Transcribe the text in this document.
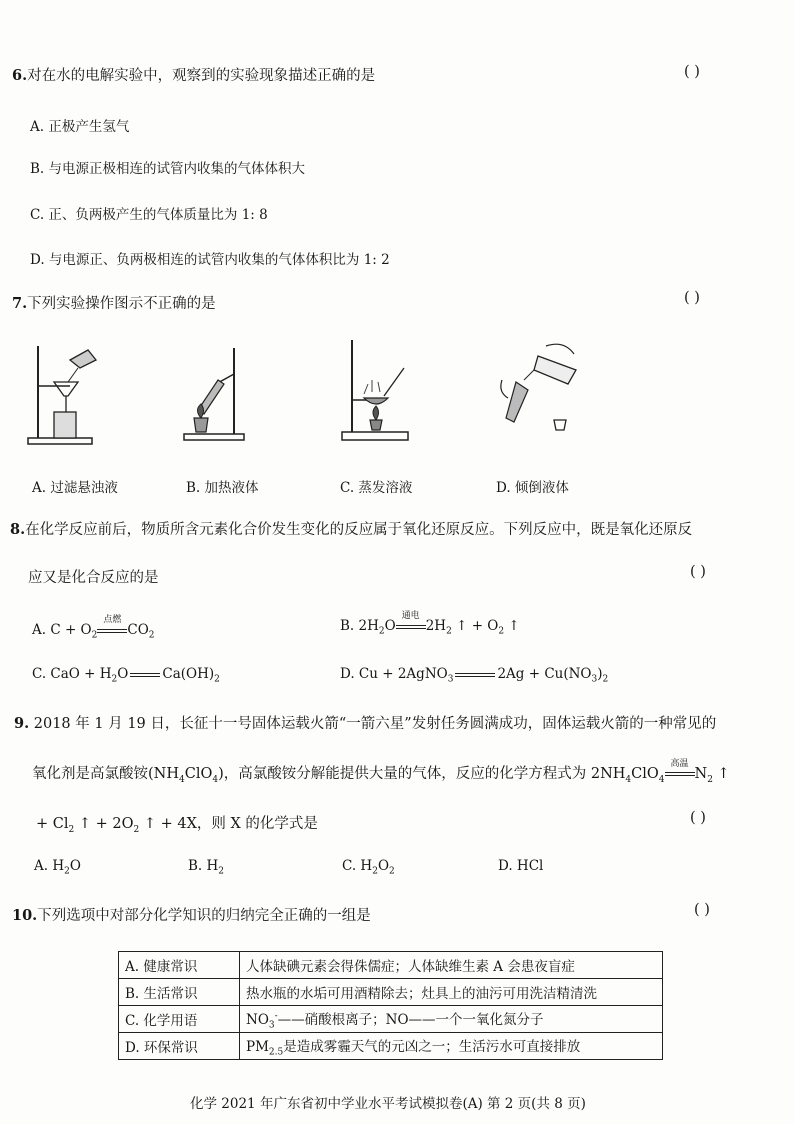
6.对在水的电解实验中，观察到的实验现象描述正确的是	( )
A. 正极产生氢气
B. 与电源正极相连的试管内收集的气体体积大
C. 正、负两极产生的气体质量比为 1: 8
D. 与电源正、负两极相连的试管内收集的气体体积比为 1: 2
7.下列实验操作图示不正确的是	( )
A. 过滤悬浊液	B. 加热液体	C. 蒸发溶液	D. 倾倒液体
8.在化学反应前后，物质所含元素化合价发生变化的反应属于氧化还原反应。下列反应中，既是氧化还原反
应又是化合反应的是	( )
A. $C + O_2$
点燃
$CO_2$
B. $2H_2O$
通电
$2H_2$ ↑ + $O_2$ ↑
C. CaO + $H_2O$	$Ca(OH)_2$	D. Cu + 2AgNO$_3$	$2Ag + Cu(NO_3)_2$
9. 2018 年 1 月 19 日，长征十一号固体运载火箭“一箭六星”发射任务圆满成功，固体运载火箭的一种常见的
氧化剂是高氯酸铵$(NH_4ClO_4)$，高氯酸铵分解能提供大量的气体，反应的化学方程式为 $2NH_4ClO_4$
高温
$N_2$ ↑
+ $Cl_2$ ↑ + $2O_2$ ↑ + 4X，则 X 的化学式是	( )
A. $H_2O$	B. $H_2$	C. $H_2O_2$	D. HCl
10.下列选项中对部分化学知识的归纳完全正确的一组是	( )
A. 健康常识	人体缺碘元素会得侏儒症；人体缺维生素 A 会患夜盲症
B. 生活常识	热水瓶的水垢可用酒精除去；灶具上的油污可用洗洁精清洗
C. 化学用语	$NO_3^-——$硝酸根离子；NO——一个一氧化氮分子
D. 环保常识	$PM_{2.5}$是造成雾霾天气的元凶之一；生活污水可直接排放
化学 2021 年广东省初中学业水平考试模拟卷(A) 第 2 页(共 8 页)
